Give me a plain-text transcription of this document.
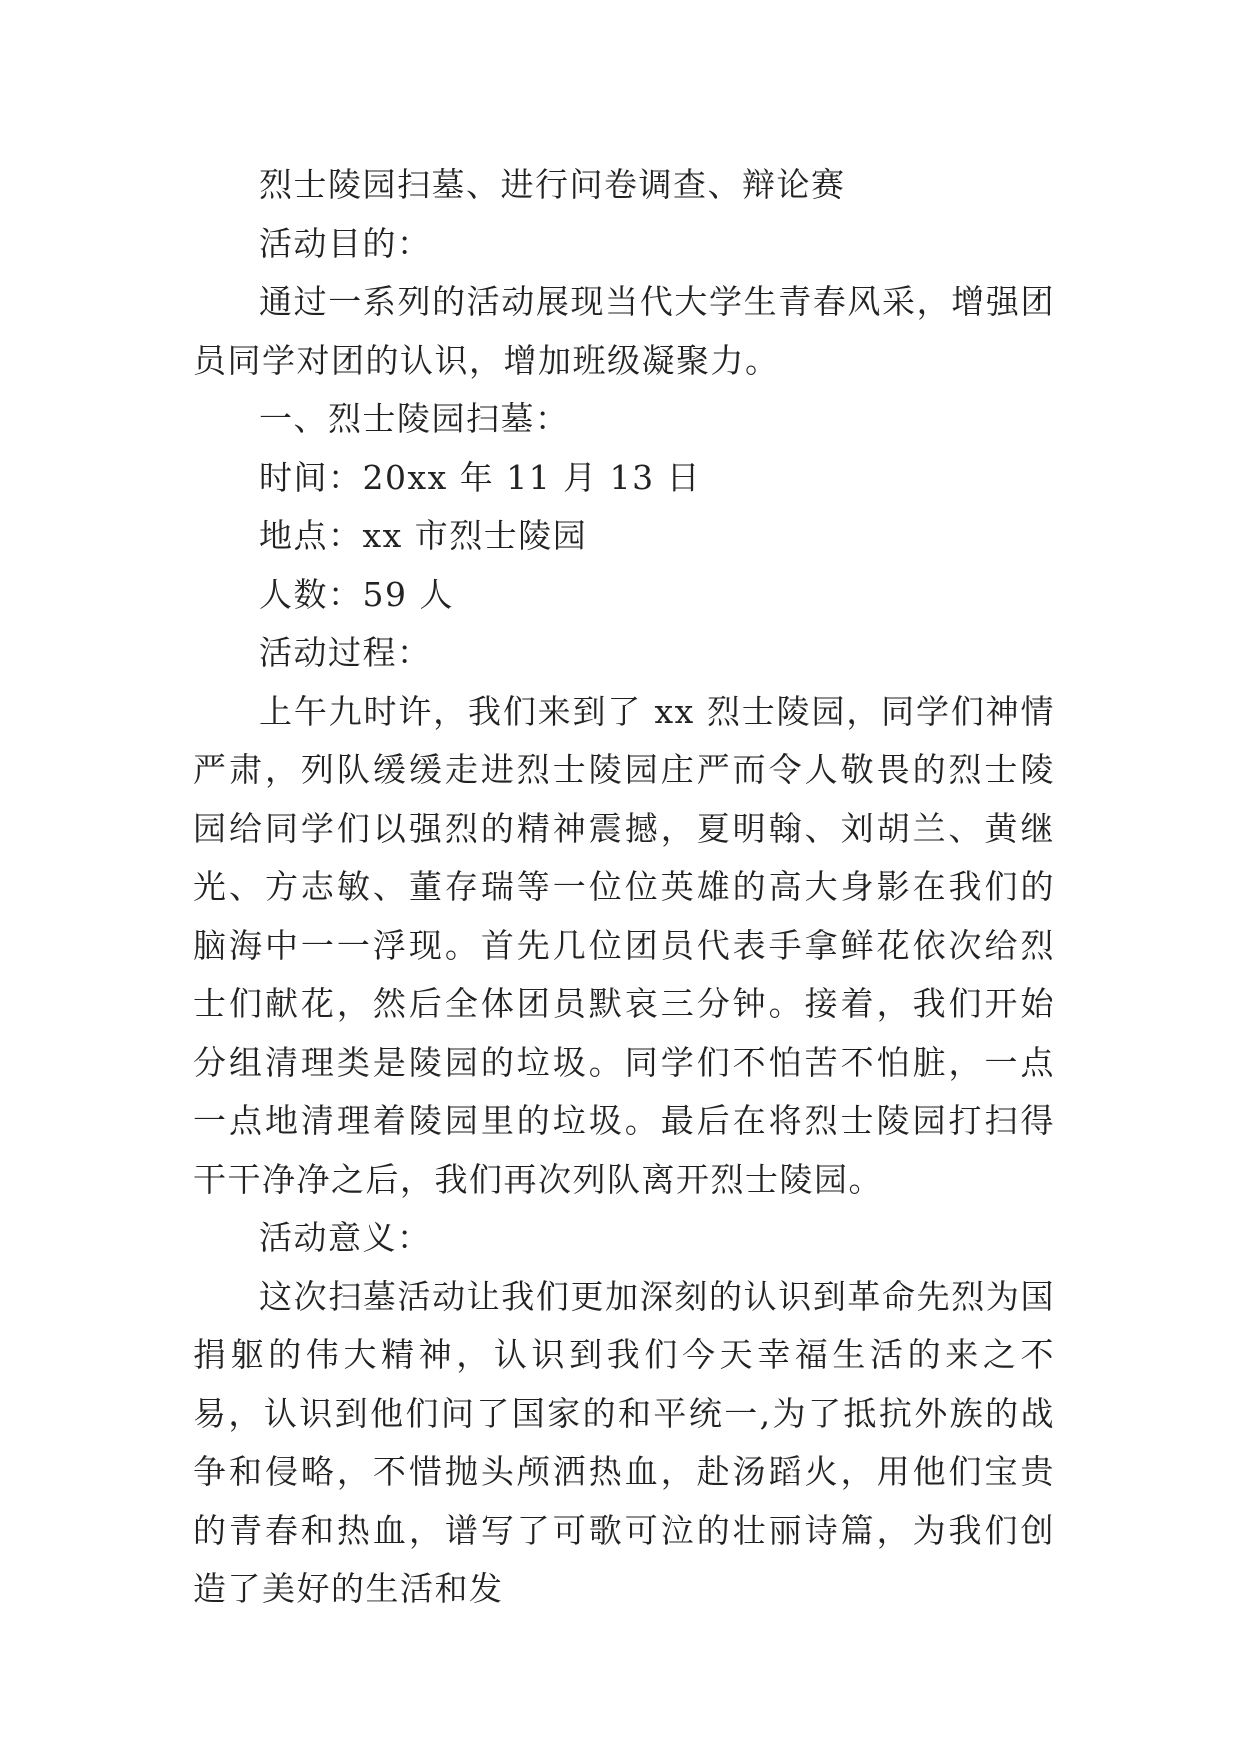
烈士陵园扫墓、进行问卷调查、辩论赛

活动目的：

通过一系列的活动展现当代大学生青春风采，增强团员同学对团的认识，增加班级凝聚力。

一、烈士陵园扫墓：

时间：20xx 年 11 月 13 日

地点：xx 市烈士陵园

人数：59 人

活动过程：

上午九时许，我们来到了 xx 烈士陵园，同学们神情严肃，列队缓缓走进烈士陵园庄严而令人敬畏的烈士陵园给同学们以强烈的精神震撼，夏明翰、刘胡兰、黄继光、方志敏、董存瑞等一位位英雄的高大身影在我们的脑海中一一浮现。首先几位团员代表手拿鲜花依次给烈士们献花，然后全体团员默哀三分钟。接着，我们开始分组清理类是陵园的垃圾。同学们不怕苦不怕脏，一点一点地清理着陵园里的垃圾。最后在将烈士陵园打扫得干干净净之后，我们再次列队离开烈士陵园。

活动意义：

这次扫墓活动让我们更加深刻的认识到革命先烈为国捐躯的伟大精神，认识到我们今天幸福生活的来之不易，认识到他们问了国家的和平统一,为了抵抗外族的战争和侵略，不惜抛头颅洒热血，赴汤蹈火，用他们宝贵的青春和热血，谱写了可歌可泣的壮丽诗篇，为我们创造了美好的生活和发
